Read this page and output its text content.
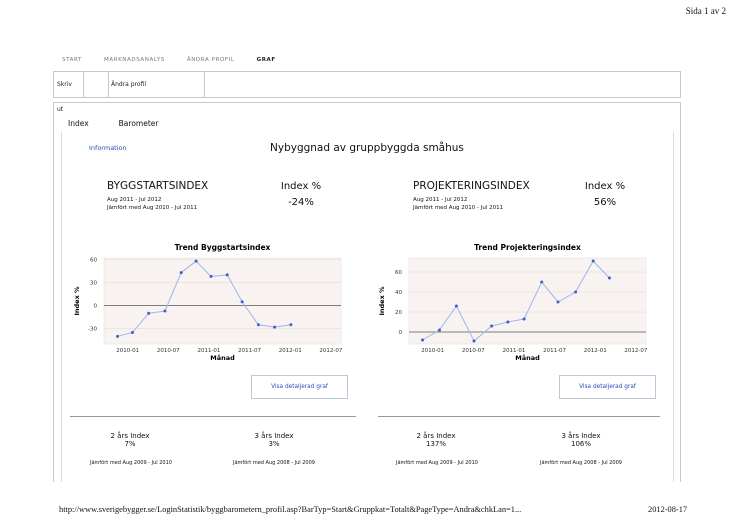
Sida 1 av 2
http://www.sverigebygger.se/LoginStatistik/byggbarometern_profil.asp?BarTyp=Start&Gruppkat=Totalt&PageType=Andra&chkLan=1...	2012-08-17
START	MARKNADSANALYS	ÄNDRA PROFIL	GRAF
Skriv ut
Ändra profil
Index	Barometer
Information	Nybyggnad av gruppbyggda småhus
BYGGSTARTSINDEX
Aug 2011 - Jul 2012
Jämfört med Aug 2010 - Jul 2011
Index %
-24%
PROJEKTERINGSINDEX
Aug 2011 - Jul 2012
Jämfört med Aug 2010 - Jul 2011
Index %
56%
Trend Byggstartsindex
60
30
0
-30
Index %
2010-01	2010-07	2011-01	2011-07	2012-01	2012-07
Månad
Trend Projekteringsindex
60
40
20
0
Index %
2010-01	2010-07	2011-01	2011-07	2012-01	2012-07
Månad
Visa detaljerad graf	Visa detaljerad graf
2 års Index
7%
Jämfört med Aug 2009 - Jul 2010
3 års Index
3%
Jämfört med Aug 2008 - Jul 2009
2 års Index
137%
Jämfört med Aug 2009 - Jul 2010
3 års Index
106%
Jämfört med Aug 2008 - Jul 2009
